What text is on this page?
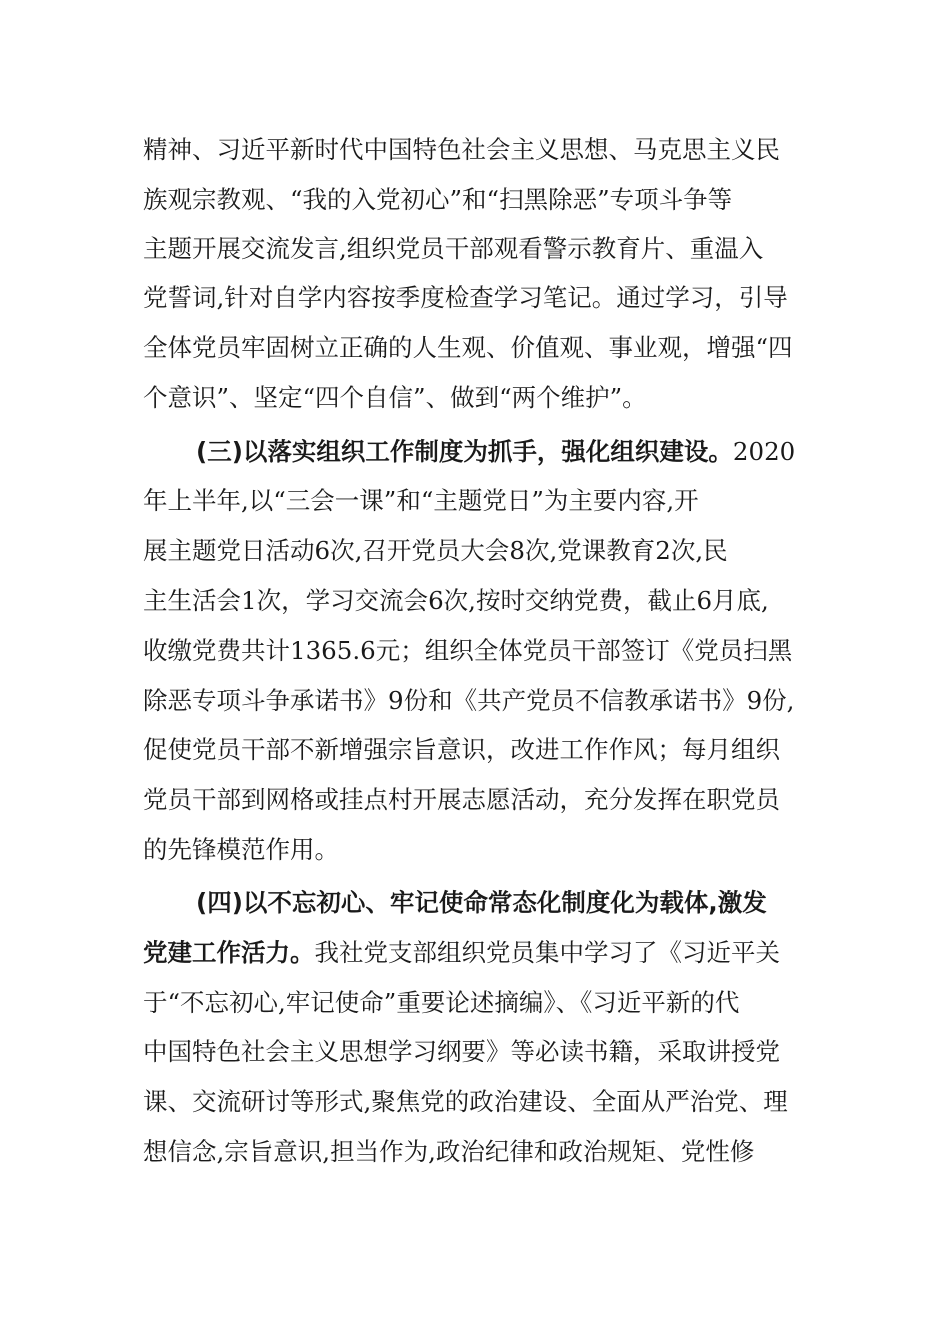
精神、习近平新时代中国特色社会主义思想、马克思主义民
族观宗教观、“我的入党初心”和“扫黑除恶”专项斗争等
主题开展交流发言,组织党员干部观看警示教育片、重温入
党誓词,针对自学内容按季度检查学习笔记。通过学习，引导
全体党员牢固树立正确的人生观、价值观、事业观，增强“四
个意识”、坚定“四个自信”、做到“两个维护”。
(三)以落实组织工作制度为抓手，强化组织建设。2020
年上半年,以“三会一课”和“主题党日”为主要内容,开
展主题党日活动6次,召开党员大会8次,党课教育2次,民
主生活会1次，学习交流会6次,按时交纳党费，截止6月底,
收缴党费共计1365.6元；组织全体党员干部签订《党员扫黑
除恶专项斗争承诺书》9份和《共产党员不信教承诺书》9份,
促使党员干部不新增强宗旨意识，改进工作作风；每月组织
党员干部到网格或挂点村开展志愿活动，充分发挥在职党员
的先锋模范作用。
(四)以不忘初心、牢记使命常态化制度化为载体,激发
党建工作活力。我社党支部组织党员集中学习了《习近平关
于“不忘初心,牢记使命”重要论述摘编》、《习近平新的代
中国特色社会主义思想学习纲要》等必读书籍，采取讲授党
课、交流研讨等形式,聚焦党的政治建设、全面从严治党、理
想信念,宗旨意识,担当作为,政治纪律和政治规矩、党性修
